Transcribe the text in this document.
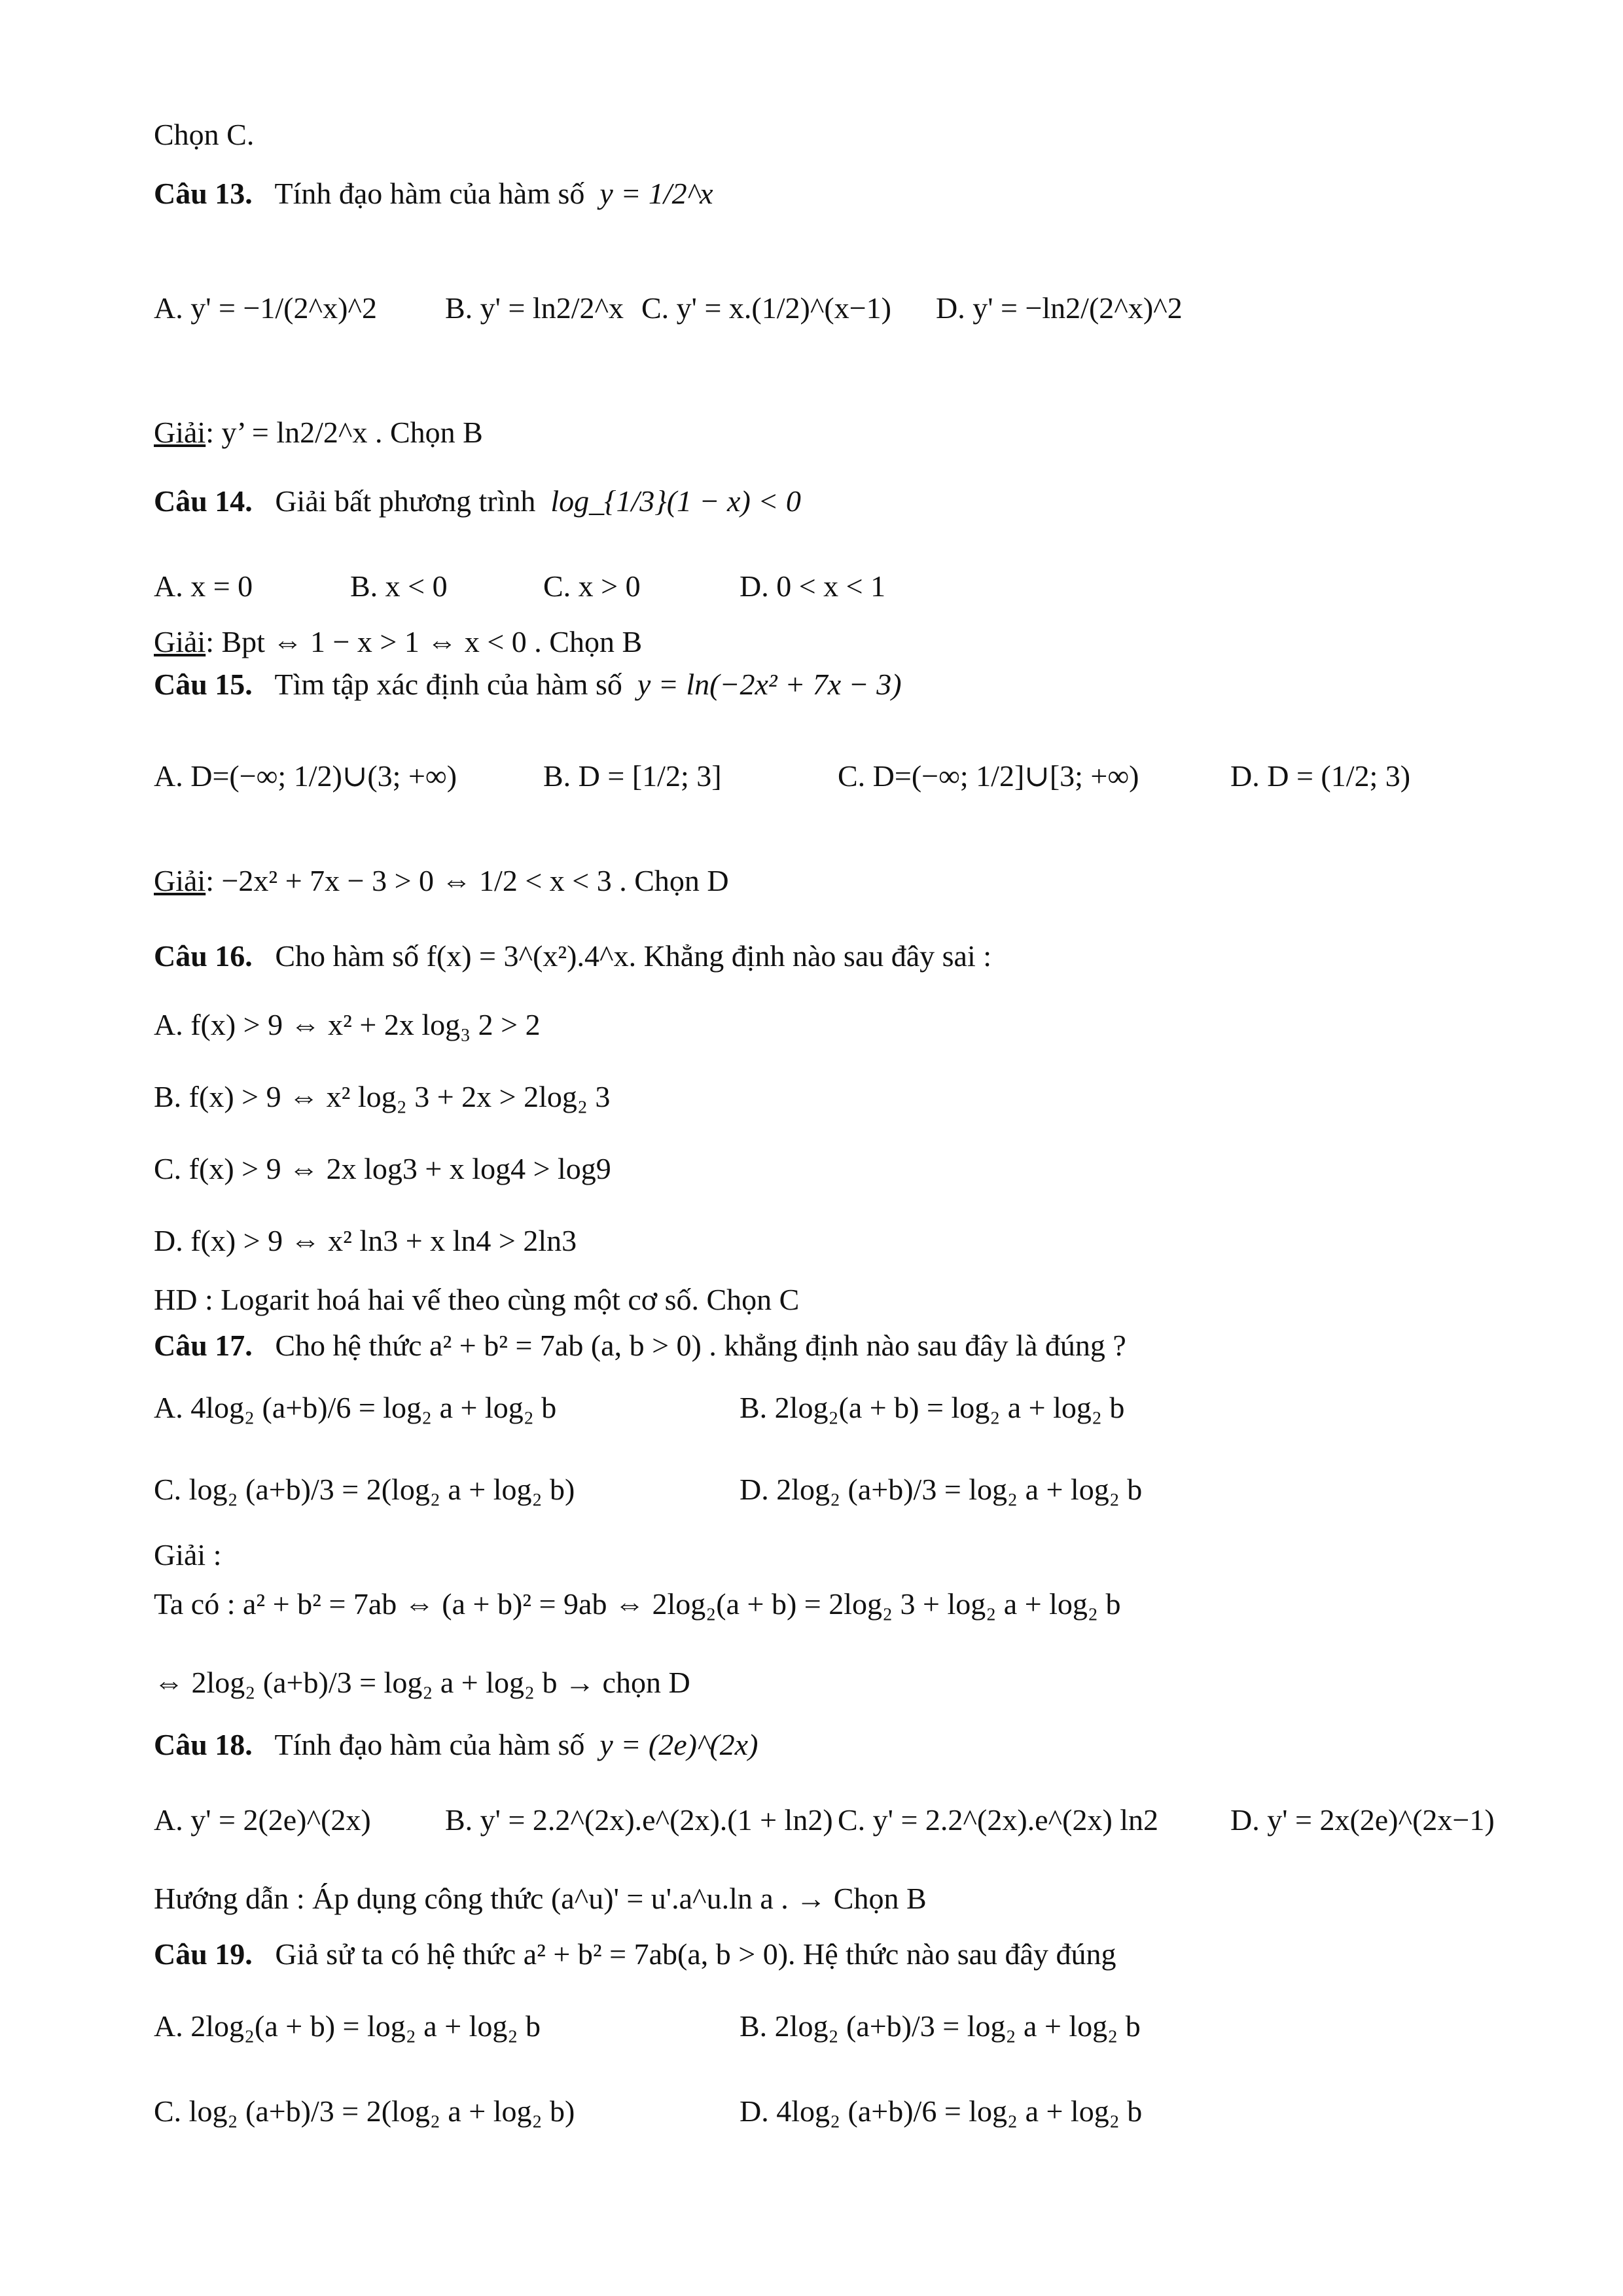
Chọn C.
Câu 13. Tính đạo hàm của hàm số y = 1/2^x
A. y' = −1/(2^x)^2 B. y' = ln2/2^x C. y' = x.(1/2)^(x−1) D. y' = −ln2/(2^x)^2
Giải: y’ = ln2/2^x . Chọn B
Câu 14. Giải bất phương trình log_{1/3}(1 − x) < 0
A. x = 0	B. x < 0	C. x > 0	D. 0 < x < 1
Giải: Bpt ⇔ 1 − x > 1 ⇔ x < 0 . Chọn B
Câu 15. Tìm tập xác định của hàm số y = ln(−2x² + 7x − 3)
A. D=(−∞; 1/2)∪(3; +∞)	B. D = [1/2; 3]	C. D=(−∞; 1/2]∪[3; +∞)	D. D = (1/2; 3)
Giải: −2x² + 7x − 3 > 0 ⇔ 1/2 < x < 3 . Chọn D
Câu 16. Cho hàm số f(x) = 3^(x²).4^x. Khẳng định nào sau đây sai :
A. f(x) > 9 ⇔ x² + 2x log₃ 2 > 2
B. f(x) > 9 ⇔ x² log₂ 3 + 2x > 2log₂ 3
C. f(x) > 9 ⇔ 2x log3 + x log4 > log9
D. f(x) > 9 ⇔ x² ln3 + x ln4 > 2ln3
HD : Logarit hoá hai vế theo cùng một cơ số. Chọn C
Câu 17. Cho hệ thức a² + b² = 7ab (a, b > 0) . khẳng định nào sau đây là đúng ?
A. 4log₂ (a+b)/6 = log₂ a + log₂ b	B. 2log₂(a + b) = log₂ a + log₂ b
C. log₂ (a+b)/3 = 2(log₂ a + log₂ b)	D. 2log₂ (a+b)/3 = log₂ a + log₂ b
Giải :
Ta có : a² + b² = 7ab ⇔ (a + b)² = 9ab ⇔ 2log₂(a + b) = 2log₂ 3 + log₂ a + log₂ b
⇔ 2log₂ (a+b)/3 = log₂ a + log₂ b → chọn D
Câu 18. Tính đạo hàm của hàm số y = (2e)^(2x)
A. y' = 2(2e)^(2x) B. y' = 2.2^(2x).e^(2x).(1 + ln2) C. y' = 2.2^(2x).e^(2x) ln2 D. y' = 2x(2e)^(2x−1)
Hướng dẫn : Áp dụng công thức (a^u)' = u'.a^u.ln a . → Chọn B
Câu 19. Giả sử ta có hệ thức a² + b² = 7ab(a, b > 0). Hệ thức nào sau đây đúng
A. 2log₂(a + b) = log₂ a + log₂ b	B. 2log₂ (a+b)/3 = log₂ a + log₂ b
C. log₂ (a+b)/3 = 2(log₂ a + log₂ b)	D. 4log₂ (a+b)/6 = log₂ a + log₂ b
